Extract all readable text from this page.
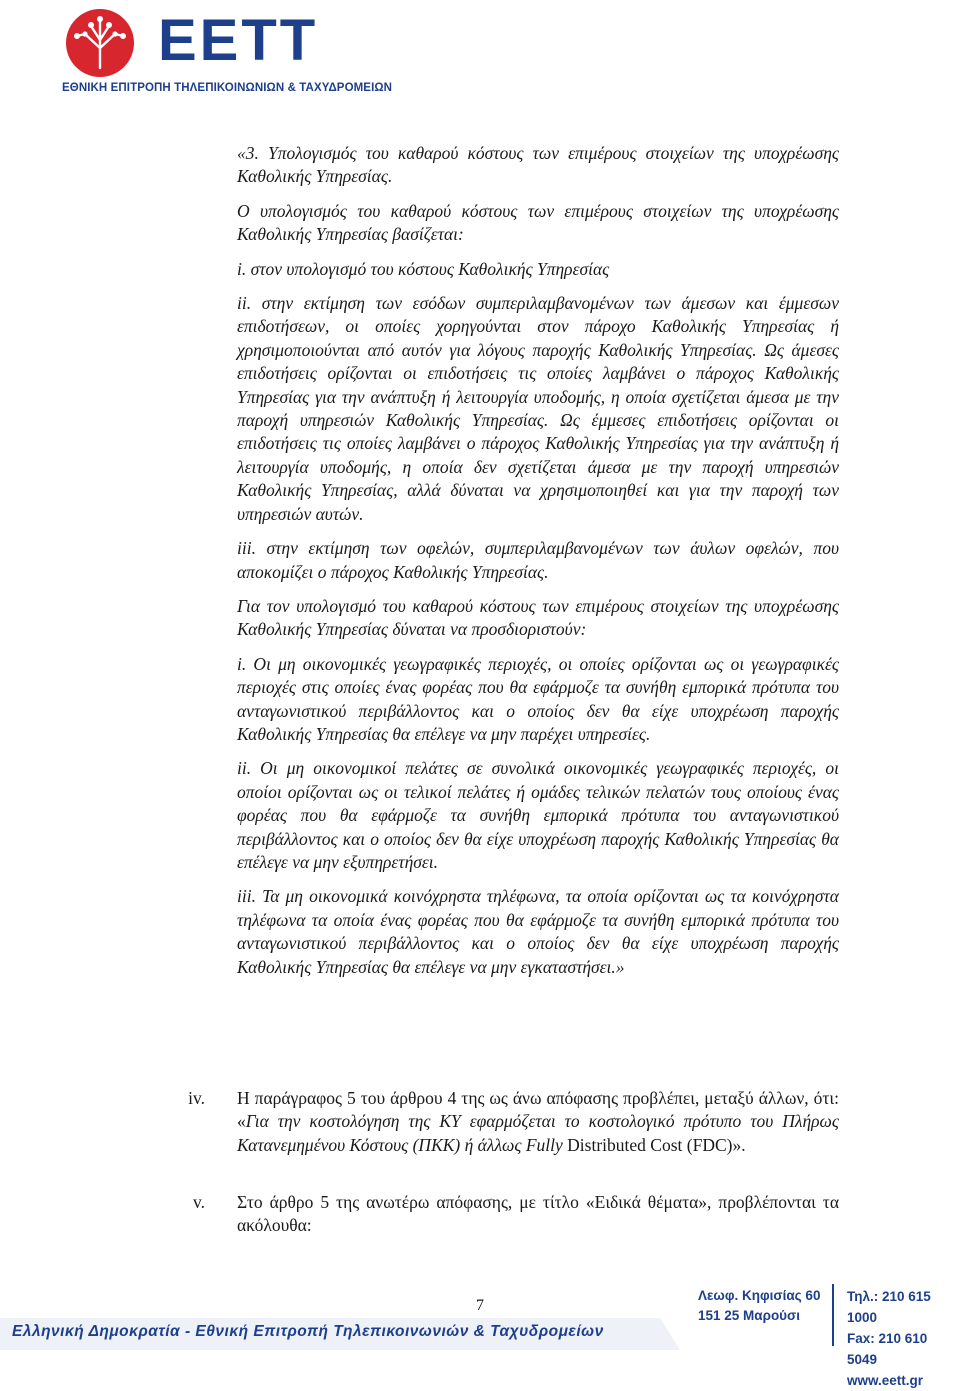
ΕΕΤΤ
ΕΘΝΙΚΗ ΕΠΙΤΡΟΠΗ ΤΗΛΕΠΙΚΟΙΝΩΝΙΩΝ & ΤΑΧΥΔΡΟΜΕΙΩΝ

«3. Υπολογισμός του καθαρού κόστους των επιμέρους στοιχείων της υποχρέωσης Καθολικής Υπηρεσίας.

Ο υπολογισμός του καθαρού κόστους των επιμέρους στοιχείων της υποχρέωσης Καθολικής Υπηρεσίας βασίζεται:

i. στον υπολογισμό του κόστους Καθολικής Υπηρεσίας

ii. στην εκτίμηση των εσόδων συμπεριλαμβανομένων των άμεσων και έμμεσων επιδοτήσεων, οι οποίες χορηγούνται στον πάροχο Καθολικής Υπηρεσίας ή χρησιμοποιούνται από αυτόν για λόγους παροχής Καθολικής Υπηρεσίας. Ως άμεσες επιδοτήσεις ορίζονται οι επιδοτήσεις τις οποίες λαμβάνει ο πάροχος Καθολικής Υπηρεσίας για την ανάπτυξη ή λειτουργία υποδομής, η οποία σχετίζεται άμεσα με την παροχή υπηρεσιών Καθολικής Υπηρεσίας. Ως έμμεσες επιδοτήσεις ορίζονται οι επιδοτήσεις τις οποίες λαμβάνει ο πάροχος Καθολικής Υπηρεσίας για την ανάπτυξη ή λειτουργία υποδομής, η οποία δεν σχετίζεται άμεσα με την παροχή υπηρεσιών Καθολικής Υπηρεσίας, αλλά δύναται να χρησιμοποιηθεί και για την παροχή των υπηρεσιών αυτών.

iii. στην εκτίμηση των οφελών, συμπεριλαμβανομένων των άυλων οφελών, που αποκομίζει ο πάροχος Καθολικής Υπηρεσίας.

Για τον υπολογισμό του καθαρού κόστους των επιμέρους στοιχείων της υποχρέωσης Καθολικής Υπηρεσίας δύναται να προσδιοριστούν:

i. Οι μη οικονομικές γεωγραφικές περιοχές, οι οποίες ορίζονται ως οι γεωγραφικές περιοχές στις οποίες ένας φορέας που θα εφάρμοζε τα συνήθη εμπορικά πρότυπα του ανταγωνιστικού περιβάλλοντος και ο οποίος δεν θα είχε υποχρέωση παροχής Καθολικής Υπηρεσίας θα επέλεγε να μην παρέχει υπηρεσίες.

ii. Οι μη οικονομικοί πελάτες σε συνολικά οικονομικές γεωγραφικές περιοχές, οι οποίοι ορίζονται ως οι τελικοί πελάτες ή ομάδες τελικών πελατών τους οποίους ένας φορέας που θα εφάρμοζε τα συνήθη εμπορικά πρότυπα του ανταγωνιστικού περιβάλλοντος και ο οποίος δεν θα είχε υποχρέωση παροχής Καθολικής Υπηρεσίας θα επέλεγε να μην εξυπηρετήσει.

iii. Τα μη οικονομικά κοινόχρηστα τηλέφωνα, τα οποία ορίζονται ως τα κοινόχρηστα τηλέφωνα τα οποία ένας φορέας που θα εφάρμοζε τα συνήθη εμπορικά πρότυπα του ανταγωνιστικού περιβάλλοντος και ο οποίος δεν θα είχε υποχρέωση παροχής Καθολικής Υπηρεσίας θα επέλεγε να μην εγκαταστήσει.»

iv. Η παράγραφος 5 του άρθρου 4 της ως άνω απόφασης προβλέπει, μεταξύ άλλων, ότι: «Για την κοστολόγηση της ΚΥ εφαρμόζεται το κοστολογικό πρότυπο του Πλήρως Κατανεμημένου Κόστους (ΠΚΚ) ή άλλως Fully Distributed Cost (FDC)».

v. Στο άρθρο 5 της ανωτέρω απόφασης, με τίτλο «Ειδικά θέματα», προβλέπονται τα ακόλουθα:

7
Ελληνική Δημοκρατία - Εθνική Επιτροπή Τηλεπικοινωνιών & Ταχυδρομείων
Λεωφ. Κηφισίας 60
151 25 Μαρούσι
Τηλ.: 210 615 1000
Fax: 210 610 5049
www.eett.gr
